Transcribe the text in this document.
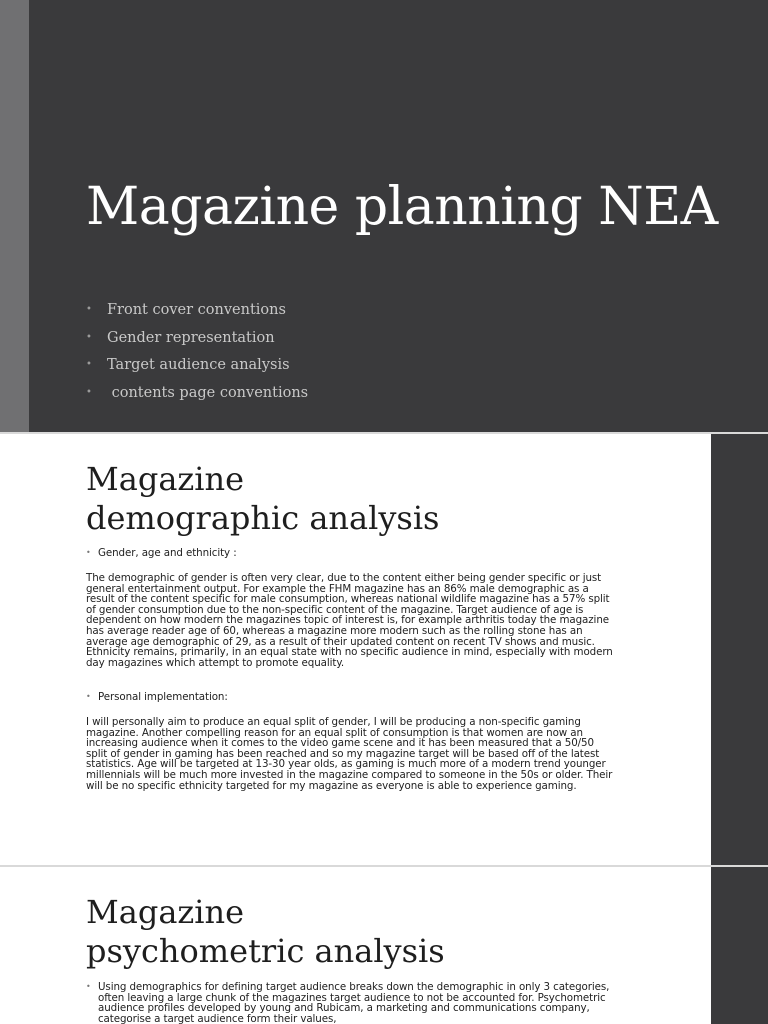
Magazine planning NEA
• Front cover conventions
• Gender representation
• Target audience analysis
• contents page conventions
Magazine
demographic analysis
• Gender, age and ethnicity :

The demographic of gender is often very clear, due to the content either being gender specific or just general entertainment output. For example the FHM magazine has an 86% male demographic as a result of the content specific for male consumption, whereas national wildlife magazine has a 57% split of gender consumption due to the non-specific content of the magazine. Target audience of age is dependent on how modern the magazines topic of interest is, for example arthritis today the magazine has average reader age of 60, whereas a magazine more modern such as the rolling stone has an average age demographic of 29, as a result of their updated content on recent TV shows and music. Ethnicity remains, primarily, in an equal state with no specific audience in mind, especially with modern day magazines which attempt to promote equality.

• Personal implementation:

I will personally aim to produce an equal split of gender, I will be producing a non-specific gaming magazine. Another compelling reason for an equal split of consumption is that women are now an increasing audience when it comes to the video game scene and it has been measured that a 50/50 split of gender in gaming has been reached and so my magazine target will be based off of the latest statistics. Age will be targeted at 13-30 year olds, as gaming is much more of a modern trend younger millennials will be much more invested in the magazine compared to someone in the 50s or older. Their will be no specific ethnicity targeted for my magazine as everyone is able to experience gaming.

Magazine
psychometric analysis
• Using demographics for defining target audience breaks down the demographic in only 3 categories, often leaving a large chunk of the magazines target audience to not be accounted for. Psychometric audience profiles developed by young and Rubicam, a marketing and communications company, categorise a target audience form their values,
